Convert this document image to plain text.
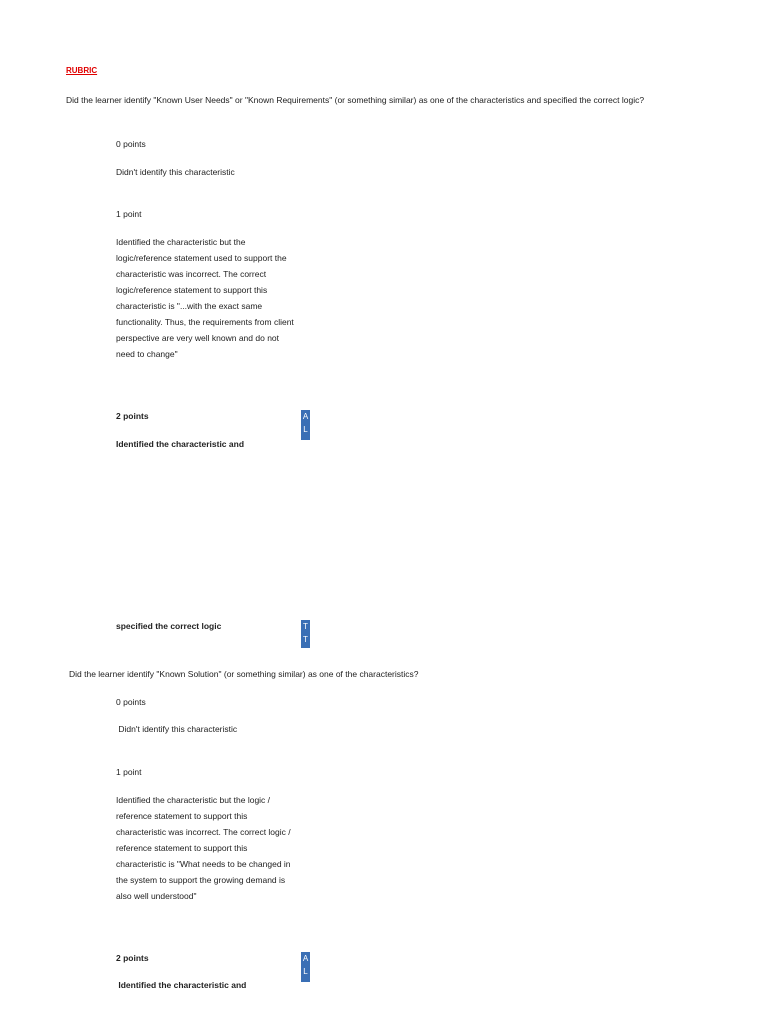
RUBRIC
Did the learner identify "Known User Needs" or "Known Requirements" (or something similar) as one of the characteristics and specified the correct logic?
0 points
Didn't identify this characteristic
1 point
Identified the characteristic but the logic/reference statement used to support the characteristic was incorrect. The correct logic/reference statement to support this characteristic is "...with the exact same functionality. Thus, the requirements from client perspective are very well known and do not need to change"
2 points	A
L
Identified the characteristic and
specified the correct logic	T
T
Did the learner identify "Known Solution" (or something similar) as one of the characteristics?
0 points
Didn't identify this characteristic
1 point
Identified the characteristic but the logic / reference statement to support this characteristic was incorrect. The correct logic / reference statement to support this characteristic is "What needs to be changed in the system to support the growing demand is also well understood"
2 points	A
L
Identified the characteristic and
